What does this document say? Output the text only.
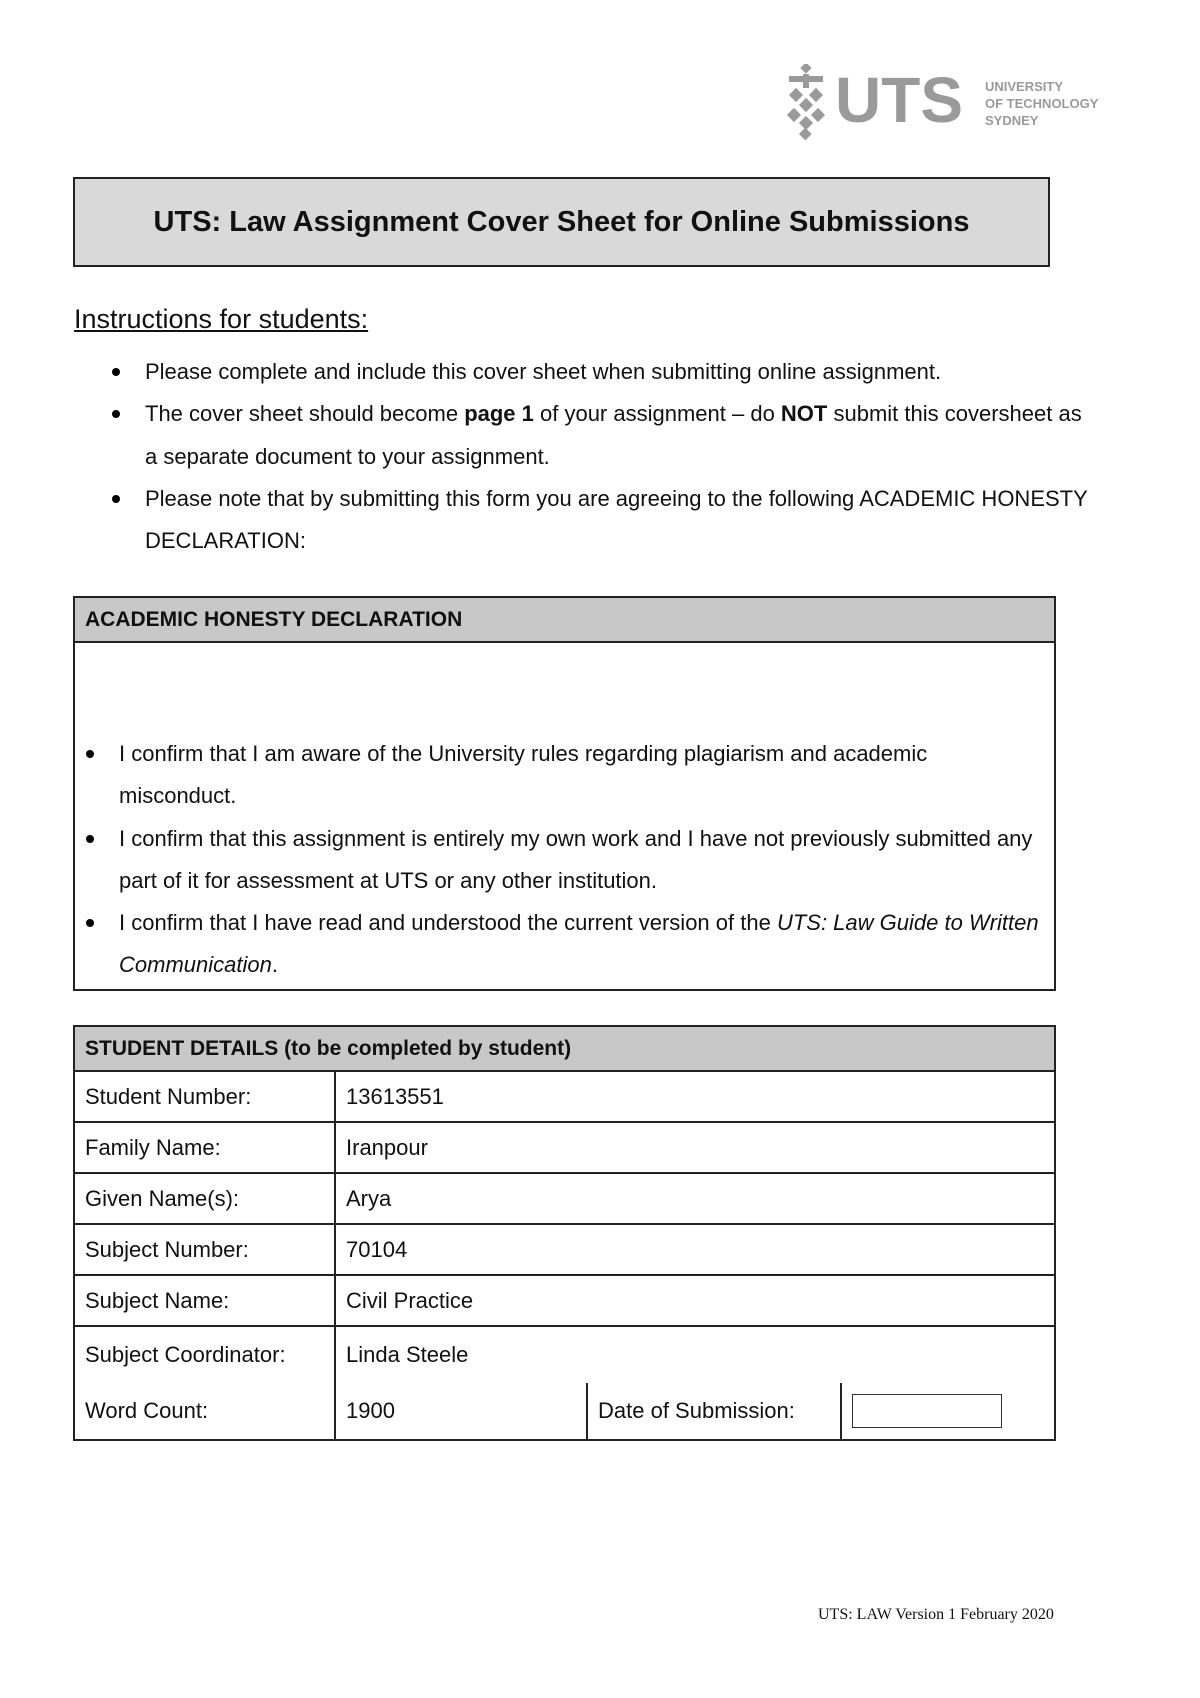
UTS UNIVERSITY
OF TECHNOLOGY
SYDNEY
UTS: Law Assignment Cover Sheet for Online Submissions
Instructions for students:
Please complete and include this cover sheet when submitting online assignment.
The cover sheet should become page 1 of your assignment – do NOT submit this coversheet as a separate document to your assignment.
Please note that by submitting this form you are agreeing to the following ACADEMIC HONESTY DECLARATION:
ACADEMIC HONESTY DECLARATION
I confirm that I am aware of the University rules regarding plagiarism and academic misconduct.
I confirm that this assignment is entirely my own work and I have not previously submitted any part of it for assessment at UTS or any other institution.
I confirm that I have read and understood the current version of the UTS: Law Guide to Written Communication.
STUDENT DETAILS (to be completed by student)
Student Number:	13613551		
Family Name:	Iranpour		
Given Name(s):	Arya		
Subject Number:	70104		
Subject Name:	Civil Practice		
Subject Coordinator:	Linda Steele		
Word Count:	1900	Date of Submission:	
UTS: LAW Version 1 February 2020
